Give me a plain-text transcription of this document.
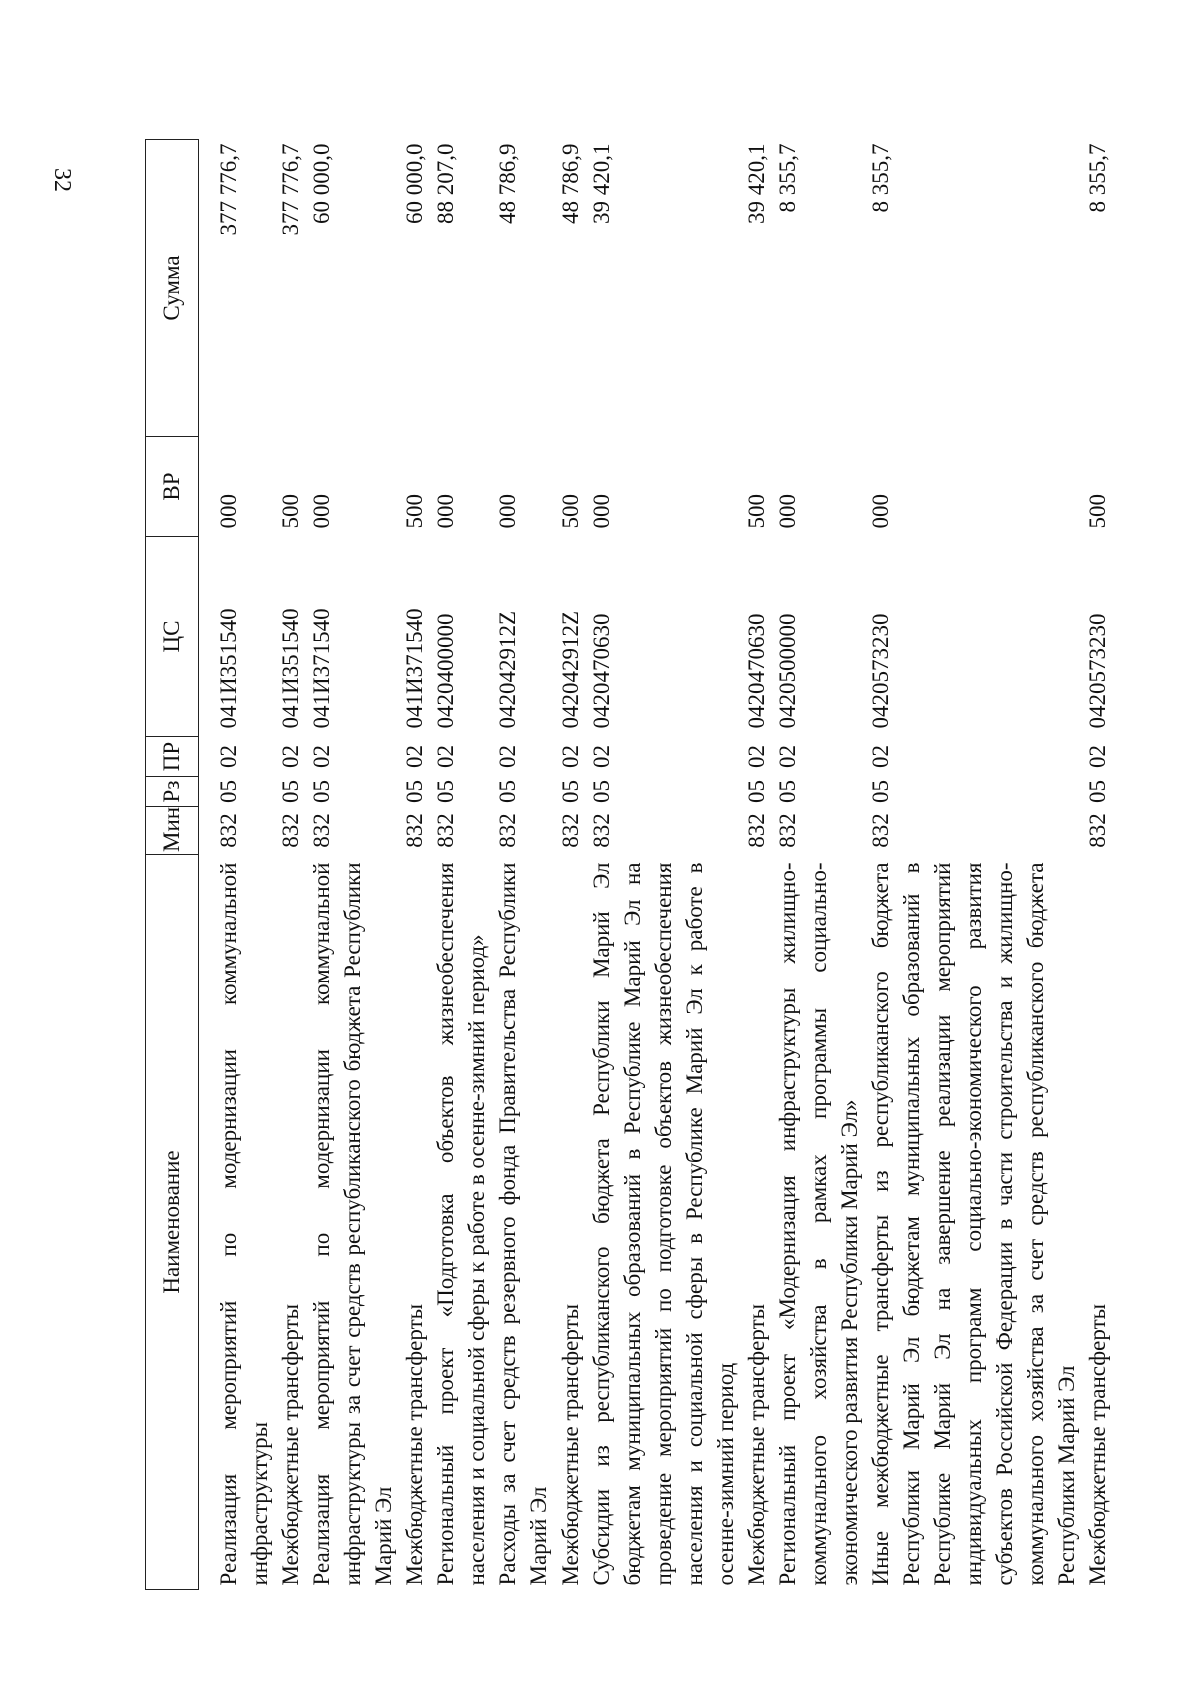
32
Наименование	Мин	Рз	ПР	ЦС	ВР	Сумма
Реализация мероприятий по модернизации коммунальной инфраструктуры	832	05	02	041И351540	000	377 776,7
Межбюджетные трансферты	832	05	02	041И351540	500	377 776,7
Реализация мероприятий по модернизации коммунальной инфраструктуры за счет средств республиканского бюджета Республики Марий Эл	832	05	02	041И371540	000	60 000,0
Межбюджетные трансферты	832	05	02	041И371540	500	60 000,0
Региональный проект «Подготовка объектов жизнеобеспечения населения и социальной сферы к работе в осенне-зимний период»	832	05	02	0420400000	000	88 207,0
Расходы за счет средств резервного фонда Правительства Республики Марий Эл	832	05	02	042042912Z	000	48 786,9
Межбюджетные трансферты	832	05	02	042042912Z	500	48 786,9
Субсидии из республиканского бюджета Республики Марий Эл бюджетам муниципальных образований в Республике Марий Эл на проведение мероприятий по подготовке объектов жизнеобеспечения населения и социальной сферы в Республике Марий Эл к работе в осенне-зимний период	832	05	02	0420470630	000	39 420,1
Межбюджетные трансферты	832	05	02	0420470630	500	39 420,1
Региональный проект «Модернизация инфраструктуры жилищно-коммунального хозяйства в рамках программы социально-экономического развития Республики Марий Эл»	832	05	02	0420500000	000	8 355,7
Иные межбюджетные трансферты из республиканского бюджета Республики Марий Эл бюджетам муниципальных образований в Республике Марий Эл на завершение реализации мероприятий индивидуальных программ социально-экономического развития субъектов Российской Федерации в части строительства и жилищно-коммунального хозяйства за счет средств республиканского бюджета Республики Марий Эл	832	05	02	0420573230	000	8 355,7
Межбюджетные трансферты	832	05	02	0420573230	500	8 355,7
